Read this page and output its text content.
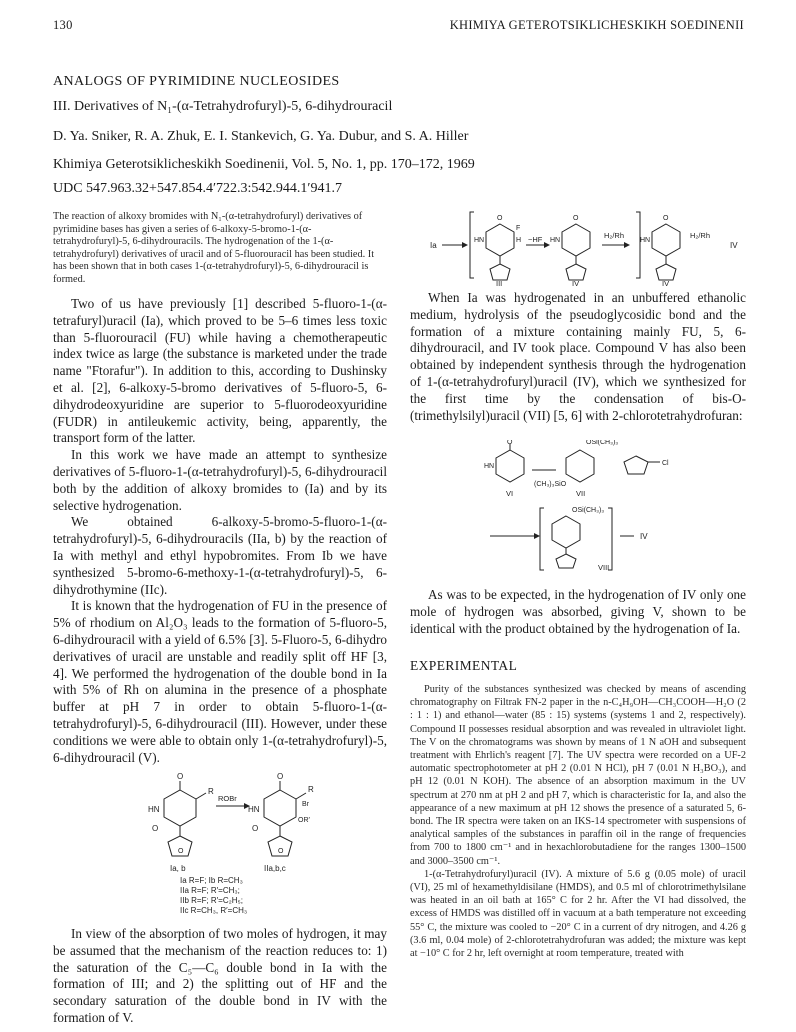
130	KHIMIYA GETEROTSIKLICHESKIKH SOEDINENII
ANALOGS OF PYRIMIDINE NUCLEOSIDES
III. Derivatives of N₁-(α-Tetrahydrofuryl)-5, 6-dihydrouracil
D. Ya. Sniker, R. A. Zhuk, E. I. Stankevich, G. Ya. Dubur, and S. A. Hiller
Khimiya Geterotsiklicheskikh Soedinenii, Vol. 5, No. 1, pp. 170–172, 1969
UDC 547.963.32+547.854.4′722.3:542.944.1′941.7
The reaction of alkoxy bromides with N₁-(α-tetrahydrofuryl) derivatives of pyrimidine bases has given a series of 6-alkoxy-5-bromo-1-(α-tetrahydrofuryl)-5, 6-dihydrouracils. The hydrogenation of the 1-(α-tetrahydrofuryl) derivatives of uracil and of 5-fluorouracil has been studied. It has been shown that in both cases 1-(α-tetrahydrofuryl)-5, 6-dihydrouracil is formed.

Two of us have previously [1] described 5-fluoro-1-(α-tetrafuryl)uracil (Ia), which proved to be 5–6 times less toxic than 5-fluorouracil (FU) while having a chemotherapeutic index twice as large (the substance is marketed under the trade name "Ftorafur"). In addition to this, according to Dushinsky et al. [2], 6-alkoxy-5-bromo derivatives of 5-fluoro-5, 6-dihydrodeoxyuridine are superior to 5-fluorodeoxyuridine (FUDR) in antileukemic activity, being, apparently, the transport form of the latter.

In this work we have made an attempt to synthesize derivatives of 5-fluoro-1-(α-tetrahydrofuryl)-5, 6-dihydrouracil both by the addition of alkoxy bromides to (Ia) and by its selective hydrogenation.

We obtained 6-alkoxy-5-bromo-5-fluoro-1-(α-tetrahydrofuryl)-5, 6-dihydrouracils (IIa, b) by the reaction of Ia with methyl and ethyl hypobromites. From Ib we have synthesized 5-bromo-6-methoxy-1-(α-tetrahydrofuryl)-5, 6-dihydrothymine (IIc).

It is known that the hydrogenation of FU in the presence of 5% of rhodium on Al₂O₃ leads to the formation of 5-fluoro-5, 6-dihydrouracil with a yield of 6.5% [3]. 5-Fluoro-5, 6-dihydro derivatives of uracil are unstable and readily split off HF [3, 4]. We performed the hydrogenation of the double bond in Ia with 5% of Rh on alumina in the presence of a phosphate buffer at pH 7 in order to obtain 5-fluoro-1-(α-tetrahydrofuryl)-5, 6-dihydrouracil (III). However, under these conditions we were able to obtain only 1-(α-tetrahydrofuryl)-5, 6-dihydrouracil (V).

O
R
HN
O
O
Ia, b
ROВr
O
R
Br
OR′
HN
O
O
IIa,b,c
Ia R=F; Ib R=CH₃
IIa R=F; R′=CH₃;
IIb R=F; R′=C₂H₅;
IIc R=CH₃, R′=CH₃

In view of the absorption of two moles of hydrogen, it may be assumed that the mechanism of the reaction reduces to: 1) the saturation of the C₅—C₆ double bond in Ia with the formation of III; and 2) the splitting out of HF and the secondary saturation of the double bond in IV with the formation of V.

Ia
O
F
H
HN
III
−HF
O
HN
IV
H₂/Rh
O
HN
IV
H₂/Rh
IV

When Ia was hydrogenated in an unbuffered ethanolic medium, hydrolysis of the pseudoglycosidic bond and the formation of a mixture containing mainly FU, 5, 6-dihydrouracil, and IV took place. Compound V has also been obtained by independent synthesis through the hydrogenation of 1-(α-tetrahydrofuryl)uracil (IV), which we synthesized for the first time by the condensation of bis-O-(trimethylsilyl)uracil (VII) [5, 6] with 2-chlorotetrahydrofuran:

O
HN
VI
OSi(CH₃)₃
(CH₃)₃SiO
VII
Cl
OSi(CH₃)₃
VIII
IV

As was to be expected, in the hydrogenation of IV only one mole of hydrogen was absorbed, giving V, shown to be identical with the product obtained by the hydrogenation of Ia.

EXPERIMENTAL

Purity of the substances synthesized was checked by means of ascending chromatography on Filtrak FN-2 paper in the n-C₄H₉OH—CH₃COOH—H₂O (2 : 1 : 1) and ethanol—water (85 : 15) systems (systems 1 and 2, respectively). Compound II possesses residual absorption and was revealed in ultraviolet light. The V on the chromatograms was shown by means of 1 N aOH and subsequent treatment with Ehrlich's reagent [7]. The UV spectra were recorded on a UF-2 automatic spectrophotometer at pH 2 (0.01 N HCl), pH 7 (0.01 N H₃BO₃), and pH 12 (0.01 N KOH). The absence of an absorption maximum in the UV spectrum at 270 nm at pH 2 and pH 7, which is characteristic for Ia, and also the appearance of a new maximum at pH 12 shows the presence of a saturated 5, 6-bond. The IR spectra were taken on an IKS-14 spectrometer with suspensions of analytical samples of the substances in paraffin oil in the range of frequencies from 700 to 1800 cm⁻¹ and in hexachlorobutadiene for the ranges 1300–1500 and 3000–3500 cm⁻¹.

1-(α-Tetrahydrofuryl)uracil (IV). A mixture of 5.6 g (0.05 mole) of uracil (VI), 25 ml of hexamethyldisilane (HMDS), and 0.5 ml of chlorotrimethylsilane was heated in an oil bath at 165° C for 2 hr. After the VI had dissolved, the excess of HMDS was distilled off in vacuum at a bath temperature not exceeding 55° C, the mixture was cooled to −20° C in a current of dry nitrogen, and 4.26 g (3.6 ml, 0.04 mole) of 2-chlorotetrahydrofuran was added; the mixture was kept at −10° C for 2 hr, left overnight at room temperature, treated with
